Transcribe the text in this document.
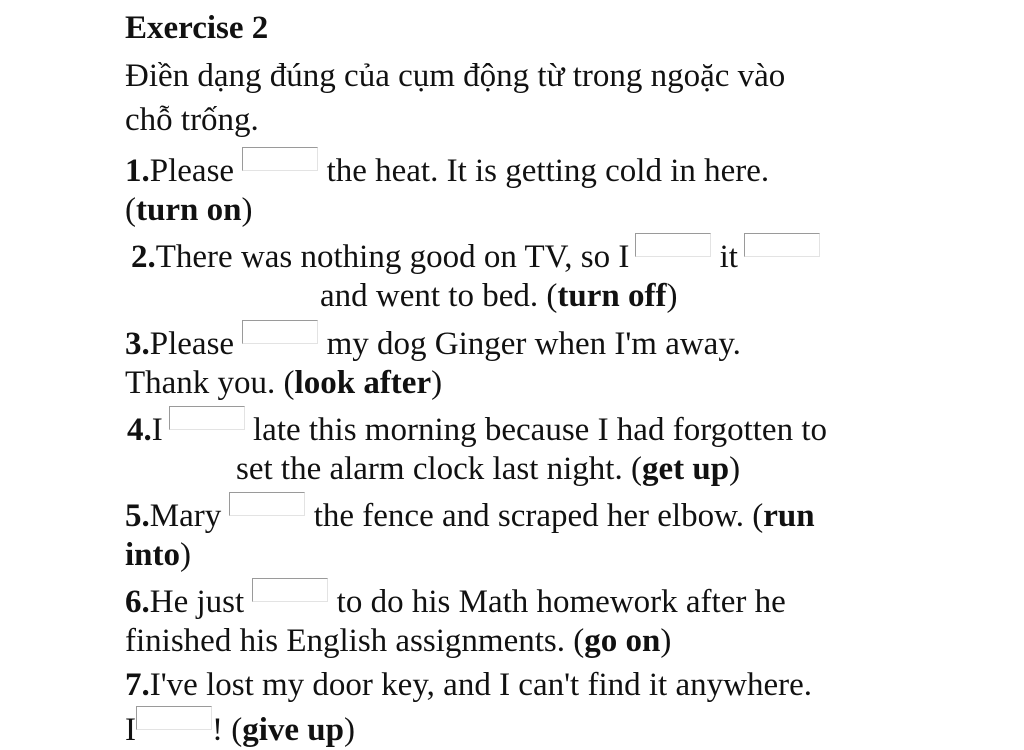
Exercise 2
Điền dạng đúng của cụm động từ trong ngoặc vào
chỗ trống.
1.Please	the heat. It is getting cold in here.
(turn on)
2.There was nothing good on TV, so I	it
and went to bed. (turn off)
3.Please	my dog Ginger when I'm away.
Thank you. (look after)
4.I	late this morning because I had forgotten to
set the alarm clock last night. (get up)
5.Mary	the fence and scraped her elbow. (run
into)
6.He just	to do his Math homework after he
finished his English assignments. (go on)
7.I've lost my door key, and I can't find it anywhere.
I ! (give up)
